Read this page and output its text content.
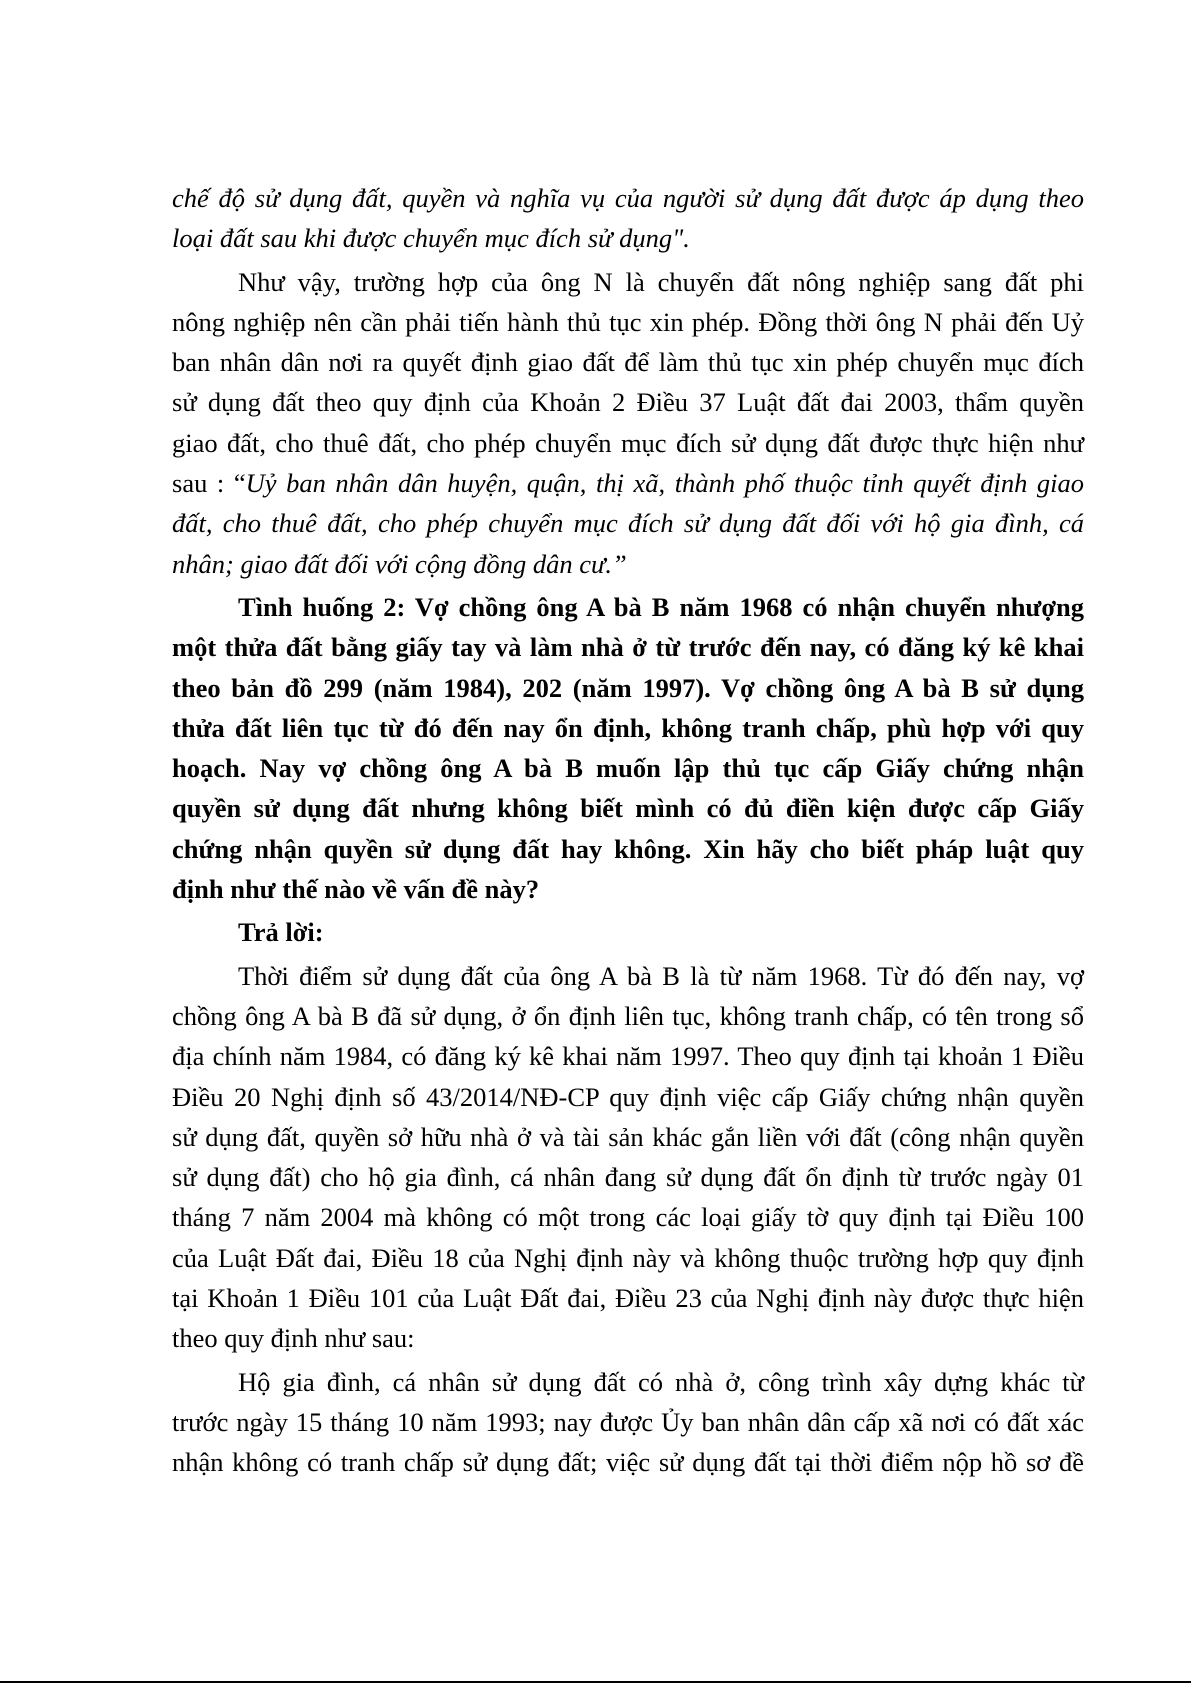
chế độ sử dụng đất, quyền và nghĩa vụ của người sử dụng đất được áp dụng theo
loại đất sau khi được chuyển mục đích sử dụng".
Như vậy, trường hợp của ông N là chuyển đất nông nghiệp sang đất phi
nông nghiệp nên cần phải tiến hành thủ tục xin phép. Đồng thời ông N phải đến Uỷ
ban nhân dân nơi ra quyết định giao đất để làm thủ tục xin phép chuyển mục đích
sử dụng đất theo quy định của Khoản 2 Điều 37 Luật đất đai 2003, thẩm quyền
giao đất, cho thuê đất, cho phép chuyển mục đích sử dụng đất được thực hiện như
sau : “Uỷ ban nhân dân huyện, quận, thị xã, thành phố thuộc tỉnh quyết định giao
đất, cho thuê đất, cho phép chuyển mục đích sử dụng đất đối với hộ gia đình, cá
nhân; giao đất đối với cộng đồng dân cư.”
Tình huống 2: Vợ chồng ông A bà B năm 1968 có nhận chuyển nhượng
một thửa đất bằng giấy tay và làm nhà ở từ trước đến nay, có đăng ký kê khai
theo bản đồ 299 (năm 1984), 202 (năm 1997). Vợ chồng ông A bà B sử dụng
thửa đất liên tục từ đó đến nay ổn định, không tranh chấp, phù hợp với quy
hoạch. Nay vợ chồng ông A bà B muốn lập thủ tục cấp Giấy chứng nhận
quyền sử dụng đất nhưng không biết mình có đủ điền kiện được cấp Giấy
chứng nhận quyền sử dụng đất hay không. Xin hãy cho biết pháp luật quy
định như thế nào về vấn đề này?
Trả lời:
Thời điểm sử dụng đất của ông A bà B là từ năm 1968. Từ đó đến nay, vợ
chồng ông A bà B đã sử dụng, ở ổn định liên tục, không tranh chấp, có tên trong sổ
địa chính năm 1984, có đăng ký kê khai năm 1997. Theo quy định tại khoản 1 Điều
Điều 20 Nghị định số 43/2014/NĐ-CP quy định việc cấp Giấy chứng nhận quyền
sử dụng đất, quyền sở hữu nhà ở và tài sản khác gắn liền với đất (công nhận quyền
sử dụng đất) cho hộ gia đình, cá nhân đang sử dụng đất ổn định từ trước ngày 01
tháng 7 năm 2004 mà không có một trong các loại giấy tờ quy định tại Điều 100
của Luật Đất đai, Điều 18 của Nghị định này và không thuộc trường hợp quy định
tại Khoản 1 Điều 101 của Luật Đất đai, Điều 23 của Nghị định này được thực hiện
theo quy định như sau:
Hộ gia đình, cá nhân sử dụng đất có nhà ở, công trình xây dựng khác từ
trước ngày 15 tháng 10 năm 1993; nay được Ủy ban nhân dân cấp xã nơi có đất xác
nhận không có tranh chấp sử dụng đất; việc sử dụng đất tại thời điểm nộp hồ sơ đề
